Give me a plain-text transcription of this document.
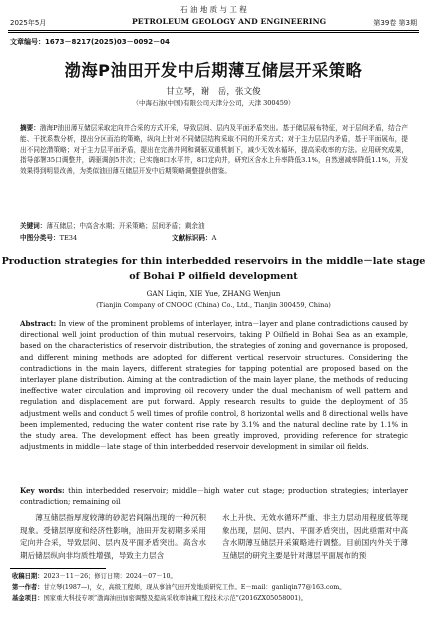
石 油 地 质 与 工 程
2025年5月	PETROLEUM GEOLOGY AND ENGINEERING	第39卷 第3期
文章编号：1673－8217(2025)03－0092－04
渤海P油田开发中后期薄互储层开采策略
甘立琴，谢　岳，张文俊
（中海石油(中国)有限公司天津分公司，天津 300459）
摘要：渤海P油田薄互储层采取定向井合采的方式开采，导致层间、层内及平面矛盾突出。基于储层展布特征，对于层间矛盾，结合产能、干扰系数分析，提出分区而治的策略，纵向上针对不同储层结构采取不同的开采方式；对于主力层层内矛盾，基于平面展布，提出不同挖潜策略；对于主力层平面矛盾，提出在完善井网和调驱双重机制下，减少无效水循环，提高采收率的方法。应用研究成果，指导部署35口调整井，调驱调剖5井次；已实施8口水平井，8口定向井，研究区含水上升率降低3.1%，自然递减率降低1.1%，开发效果得到明显改善，为类似油田薄互储层开发中后期策略调整提供借鉴。
关键词：薄互储层；中高含水期；开采策略；层间矛盾；剩余油
中图分类号：TE34	文献标识码：A
Production strategies for thin interbedded reservoirs in the middle－late stage
of Bohai P oilfield development
GAN Liqin, XIE Yue, ZHANG Wenjun
(Tianjin Company of CNOOC (China) Co., Ltd., Tianjin 300459, China)
Abstract: In view of the prominent problems of interlayer, intra－layer and plane contradictions caused by directional well joint production of thin mutual reservoirs, taking P Oilfield in Bohai Sea as an example, based on the characteristics of reservoir distribution, the strategies of zoning and governance is proposed, and different mining methods are adopted for different vertical reservoir structures. Considering the contradictions in the main layers, different strategies for tapping potential are proposed based on the interlayer plane distribution. Aiming at the contradiction of the main layer plane, the methods of reducing ineffective water circulation and improving oil recovery under the dual mechanism of well pattern and regulation and displacement are put forward. Apply research results to guide the deployment of 35 adjustment wells and conduct 5 well times of profile control, 8 horizontal wells and 8 directional wells have been implemented, reducing the water content rise rate by 3.1% and the natural decline rate by 1.1% in the study area. The development effect has been greatly improved, providing reference for strategic adjustments in middle－late stage of thin interbedded reservoir development in similar oil fields.
Key words: thin interbedded reservoir; middle－high water cut stage; production strategies; interlayer contradiction; remaining oil
薄互储层指厚度较薄的砂泥岩间隔出现的一种沉积现象。受储层厚度和经济性影响，油田开发初期多采用定向井合采，导致层间、层内及平面矛盾突出。高含水期后储层纵向非均质性增强，导致主力层含
水上升快、无效水循环严重、非主力层动用程度低等现象出现，层间、层内、平面矛盾突出，因此亟需对中高含水期薄互储层开采策略进行调整。目前国内外关于薄互储层的研究主要是针对薄层平面展布的预
收稿日期：2023－11－26；修订日期：2024－07－10。
第一作者：甘立琴(1987—)，女，高级工程师，现从事油气田开发地质研究工作。E－mail：ganliqin77@163.com。
基金项目：国家重大科技专项“渤海油田加密调整及提高采收率油藏工程技术示范”(2016ZX05058001)。
